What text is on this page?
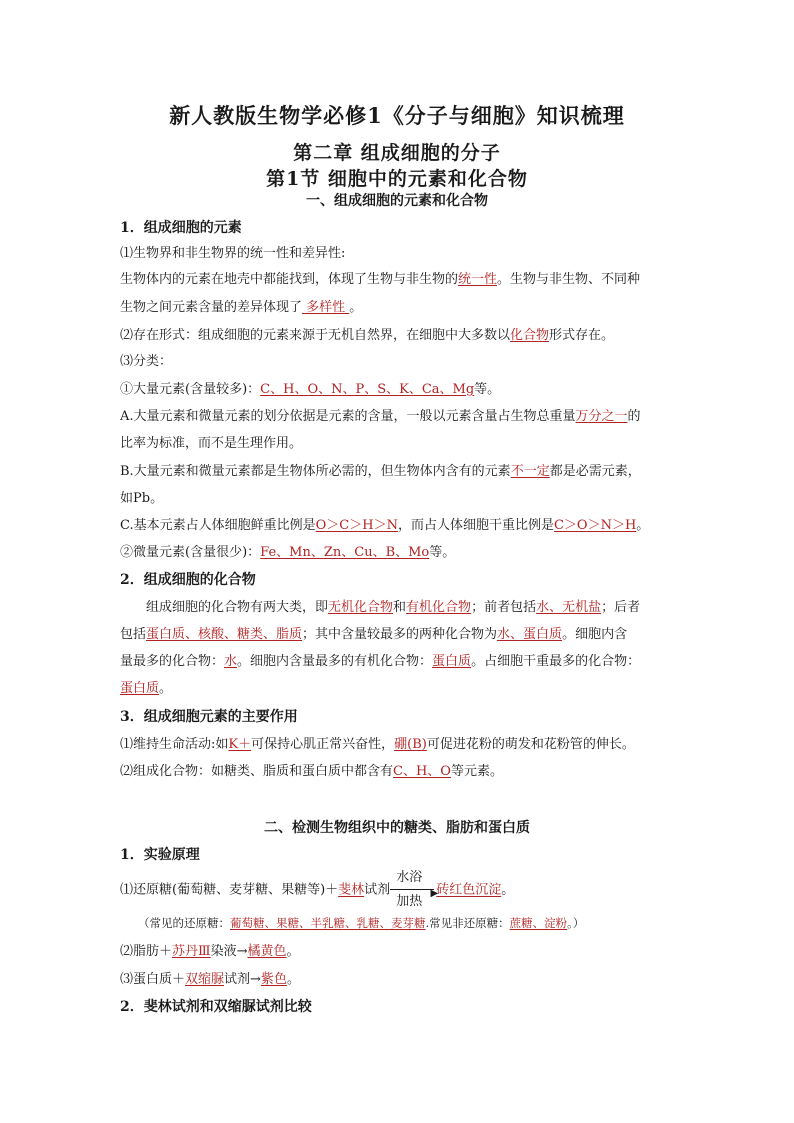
新人教版生物学必修1《分子与细胞》知识梳理
第二章 组成细胞的分子
第1节 细胞中的元素和化合物
一、组成细胞的元素和化合物
1．组成细胞的元素
⑴生物界和非生物界的统一性和差异性:
生物体内的元素在地壳中都能找到，体现了生物与非生物的统一性。生物与非生物、不同种
生物之间元素含量的差异体现了 多样性 。
⑵存在形式：组成细胞的元素来源于无机自然界，在细胞中大多数以化合物形式存在。
⑶分类：
①大量元素(含量较多)：C、H、O、N、P、S、K、Ca、Mg等。
A.大量元素和微量元素的划分依据是元素的含量，一般以元素含量占生物总重量万分之一的
比率为标准，而不是生理作用。
B.大量元素和微量元素都是生物体所必需的，但生物体内含有的元素不一定都是必需元素，
如Pb。
C.基本元素占人体细胞鲜重比例是O＞C＞H＞N，而占人体细胞干重比例是C＞O＞N＞H。
②微量元素(含量很少)：Fe、Mn、Zn、Cu、B、Mo等。
2．组成细胞的化合物
组成细胞的化合物有两大类，即无机化合物和有机化合物；前者包括水、无机盐；后者
包括蛋白质、核酸、糖类、脂质；其中含量较最多的两种化合物为水、蛋白质。细胞内含
量最多的化合物：水。细胞内含量最多的有机化合物：蛋白质。占细胞干重最多的化合物：
蛋白质。
3．组成细胞元素的主要作用
⑴维持生命活动:如K＋可保持心肌正常兴奋性，硼(B)可促进花粉的萌发和花粉管的伸长。
⑵组成化合物：如糖类、脂质和蛋白质中都含有C、H、O等元素。
二、检测生物组织中的糖类、脂肪和蛋白质
1．实验原理
⑴还原糖(葡萄糖、麦芽糖、果糖等)＋斐林试剂
水浴
▶
加热
砖红色沉淀。
（常见的还原糖：葡萄糖、果糖、半乳糖、乳糖、麦芽糖.常见非还原糖：蔗糖、淀粉。）
⑵脂肪＋苏丹Ⅲ染液→橘黄色。
⑶蛋白质＋双缩脲试剂→紫色。
2．斐林试剂和双缩脲试剂比较
